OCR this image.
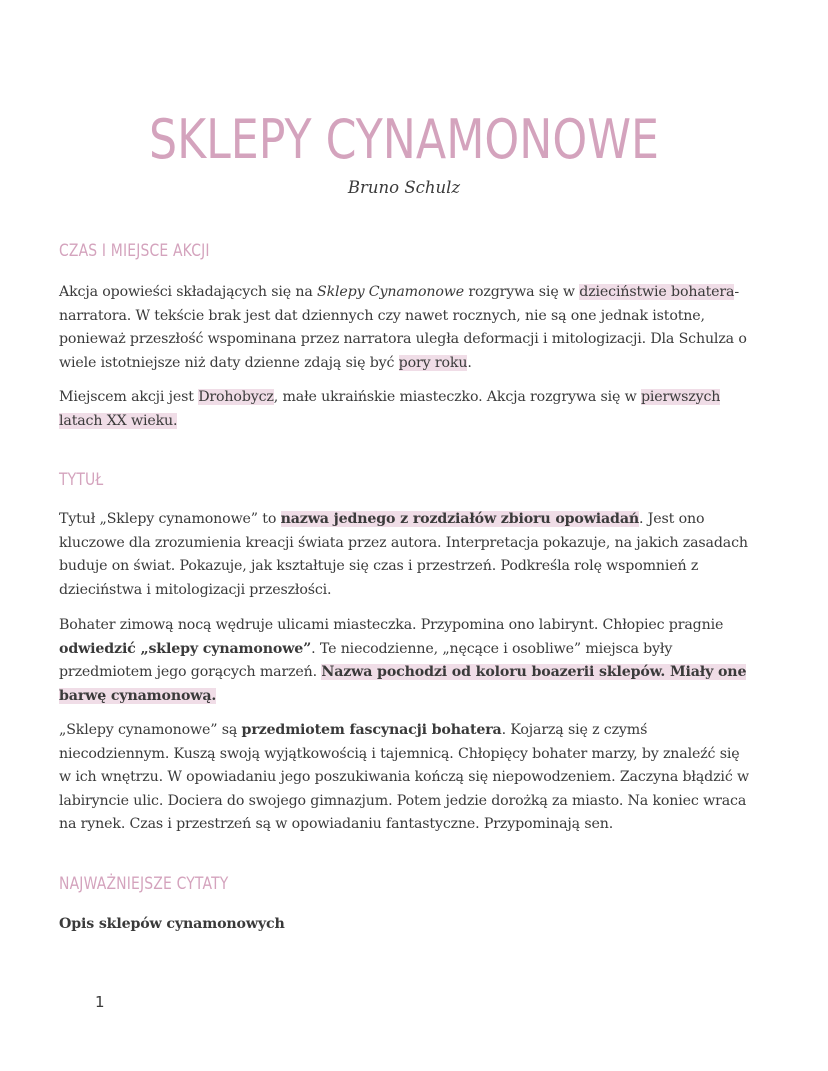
SKLEPY CYNAMONOWE
Bruno Schulz
CZAS I MIEJSCE AKCJI

Akcja opowieści składających się na Sklepy Cynamonowe rozgrywa się w dzieciństwie bohatera-narratora. W tekście brak jest dat dziennych czy nawet rocznych, nie są one jednak istotne, ponieważ przeszłość wspominana przez narratora uległa deformacji i mitologizacji. Dla Schulza o wiele istotniejsze niż daty dzienne zdają się być pory roku.

Miejscem akcji jest Drohobycz, małe ukraińskie miasteczko. Akcja rozgrywa się w pierwszych latach XX wieku.

TYTUŁ

Tytuł „Sklepy cynamonowe” to nazwa jednego z rozdziałów zbioru opowiadań. Jest ono kluczowe dla zrozumienia kreacji świata przez autora. Interpretacja pokazuje, na jakich zasadach buduje on świat. Pokazuje, jak kształtuje się czas i przestrzeń. Podkreśla rolę wspomnień z dzieciństwa i mitologizacji przeszłości.

Bohater zimową nocą wędruje ulicami miasteczka. Przypomina ono labirynt. Chłopiec pragnie odwiedzić „sklepy cynamonowe”. Te niecodzienne, „nęcące i osobliwe” miejsca były przedmiotem jego gorących marzeń. Nazwa pochodzi od koloru boazerii sklepów. Miały one barwę cynamonową.

„Sklepy cynamonowe” są przedmiotem fascynacji bohatera. Kojarzą się z czymś niecodziennym. Kuszą swoją wyjątkowością i tajemnicą. Chłopięcy bohater marzy, by znaleźć się w ich wnętrzu. W opowiadaniu jego poszukiwania kończą się niepowodzeniem. Zaczyna błądzić w labiryncie ulic. Dociera do swojego gimnazjum. Potem jedzie dorożką za miasto. Na koniec wraca na rynek. Czas i przestrzeń są w opowiadaniu fantastyczne. Przypominają sen.

NAJWAŻNIEJSZE CYTATY

Opis sklepów cynamonowych

1
